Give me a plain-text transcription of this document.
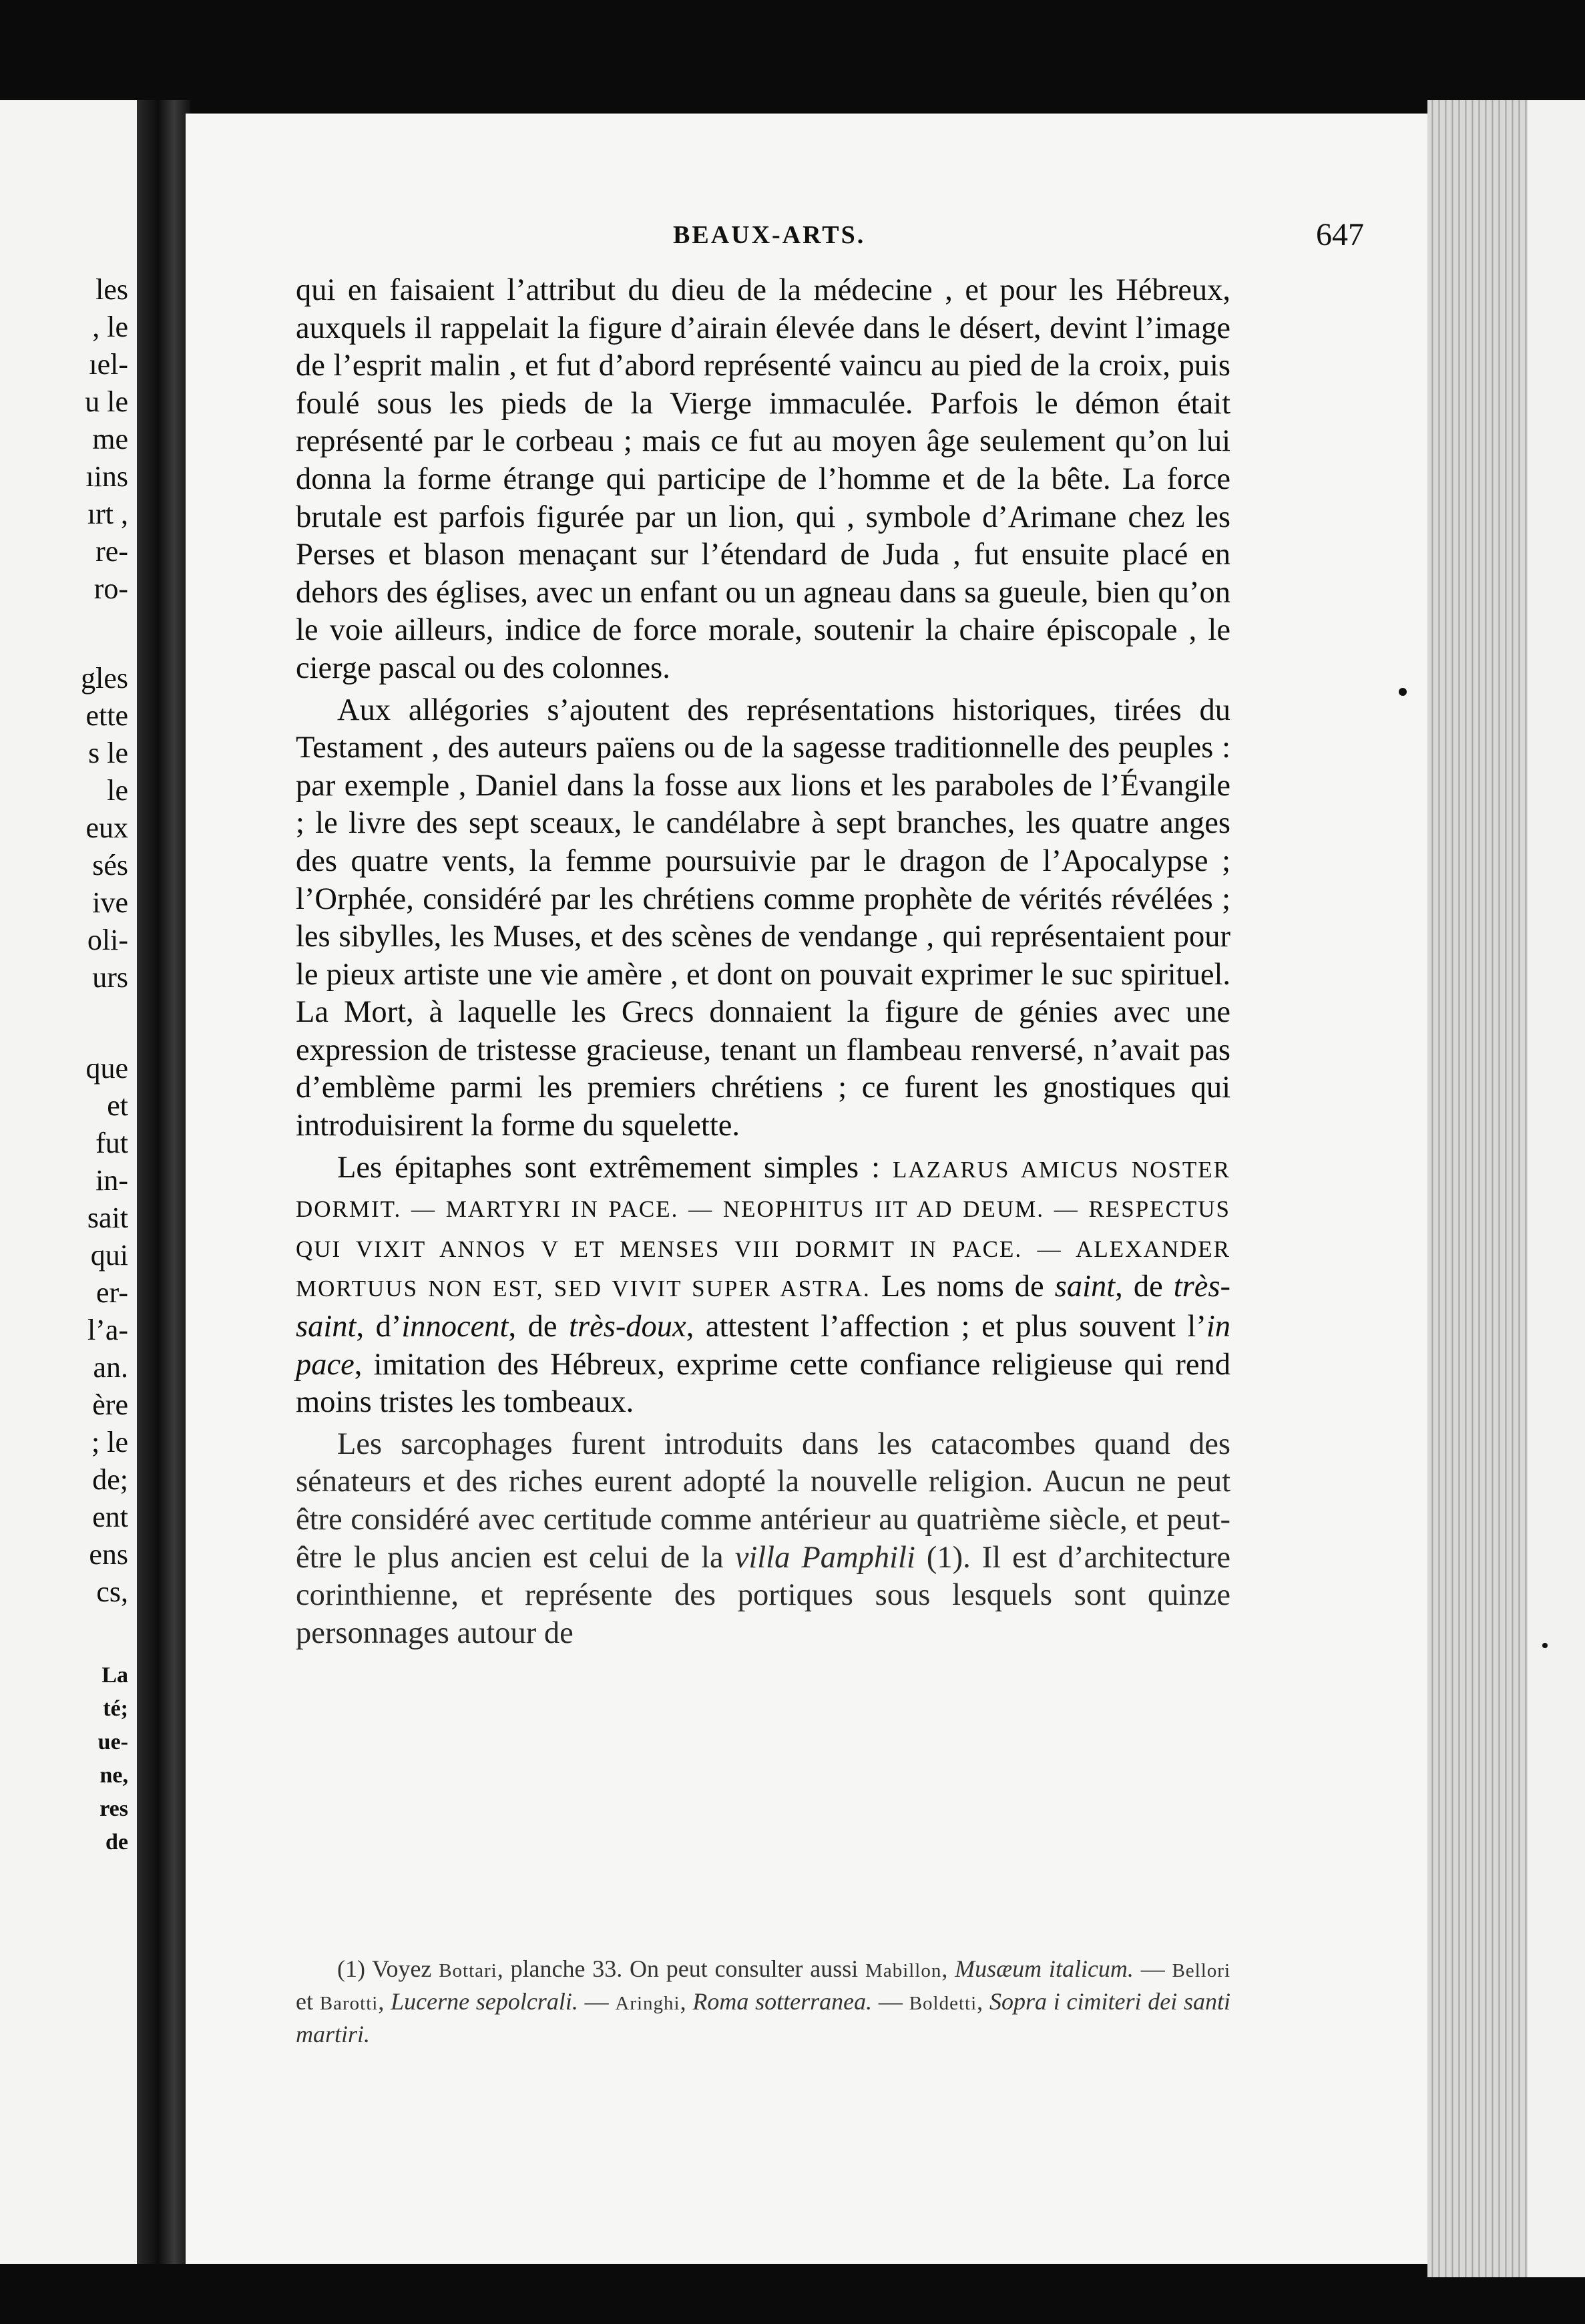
les
, le
ıel-
u le
me
ıins
ırt ,
re-
ro-
gles
ette
s le
le
eux
sés
ive
oli-
urs
que
et
fut
in-
sait
qui
er-
l’a-
an.
ère
; le
de;
ent
ens
cs,
La
té;
ue-
ne,
res
de
BEAUX-ARTS.	647

qui en faisaient l’attribut du dieu de la médecine , et pour les Hébreux, auxquels il rappelait la figure d’airain élevée dans le désert, devint l’image de l’esprit malin , et fut d’abord représenté vaincu au pied de la croix, puis foulé sous les pieds de la Vierge immaculée. Parfois le démon était représenté par le corbeau ; mais ce fut au moyen âge seulement qu’on lui donna la forme étrange qui participe de l’homme et de la bête. La force brutale est parfois figurée par un lion, qui , symbole d’Arimane chez les Perses et blason menaçant sur l’étendard de Juda , fut ensuite placé en dehors des églises, avec un enfant ou un agneau dans sa gueule, bien qu’on le voie ailleurs, indice de force morale, soutenir la chaire épiscopale , le cierge pascal ou des colonnes.

Aux allégories s’ajoutent des représentations historiques, tirées du Testament , des auteurs païens ou de la sagesse traditionnelle des peuples : par exemple , Daniel dans la fosse aux lions et les paraboles de l’Évangile ; le livre des sept sceaux, le candélabre à sept branches, les quatre anges des quatre vents, la femme poursuivie par le dragon de l’Apocalypse ; l’Orphée, considéré par les chrétiens comme prophète de vérités révélées ; les sibylles, les Muses, et des scènes de vendange , qui représentaient pour le pieux artiste une vie amère , et dont on pouvait exprimer le suc spirituel. La Mort, à laquelle les Grecs donnaient la figure de génies avec une expression de tristesse gracieuse, tenant un flambeau renversé, n’avait pas d’emblème parmi les premiers chrétiens ; ce furent les gnostiques qui introduisirent la forme du squelette.

Les épitaphes sont extrêmement simples : LAZARUS AMICUS NOSTER DORMIT. — MARTYRI IN PACE. — NEOPHITUS IIT AD DEUM. — RESPECTUS QUI VIXIT ANNOS V ET MENSES VIII DORMIT IN PACE. — ALEXANDER MORTUUS NON EST, SED VIVIT SUPER ASTRA. Les noms de saint, de très-saint, d’innocent, de très-doux, attestent l’affection ; et plus souvent l’in pace, imitation des Hébreux, exprime cette confiance religieuse qui rend moins tristes les tombeaux.

Les sarcophages furent introduits dans les catacombes quand des sénateurs et des riches eurent adopté la nouvelle religion. Aucun ne peut être considéré avec certitude comme antérieur au quatrième siècle, et peut-être le plus ancien est celui de la villa Pamphili (1). Il est d’architecture corinthienne, et représente des portiques sous lesquels sont quinze personnages autour de

(1) Voyez Bottari, planche 33. On peut consulter aussi Mabillon, Musæum italicum. — Bellori et Barotti, Lucerne sepolcrali. — Aringhi, Roma sotterranea. — Boldetti, Sopra i cimiteri dei santi martiri.
